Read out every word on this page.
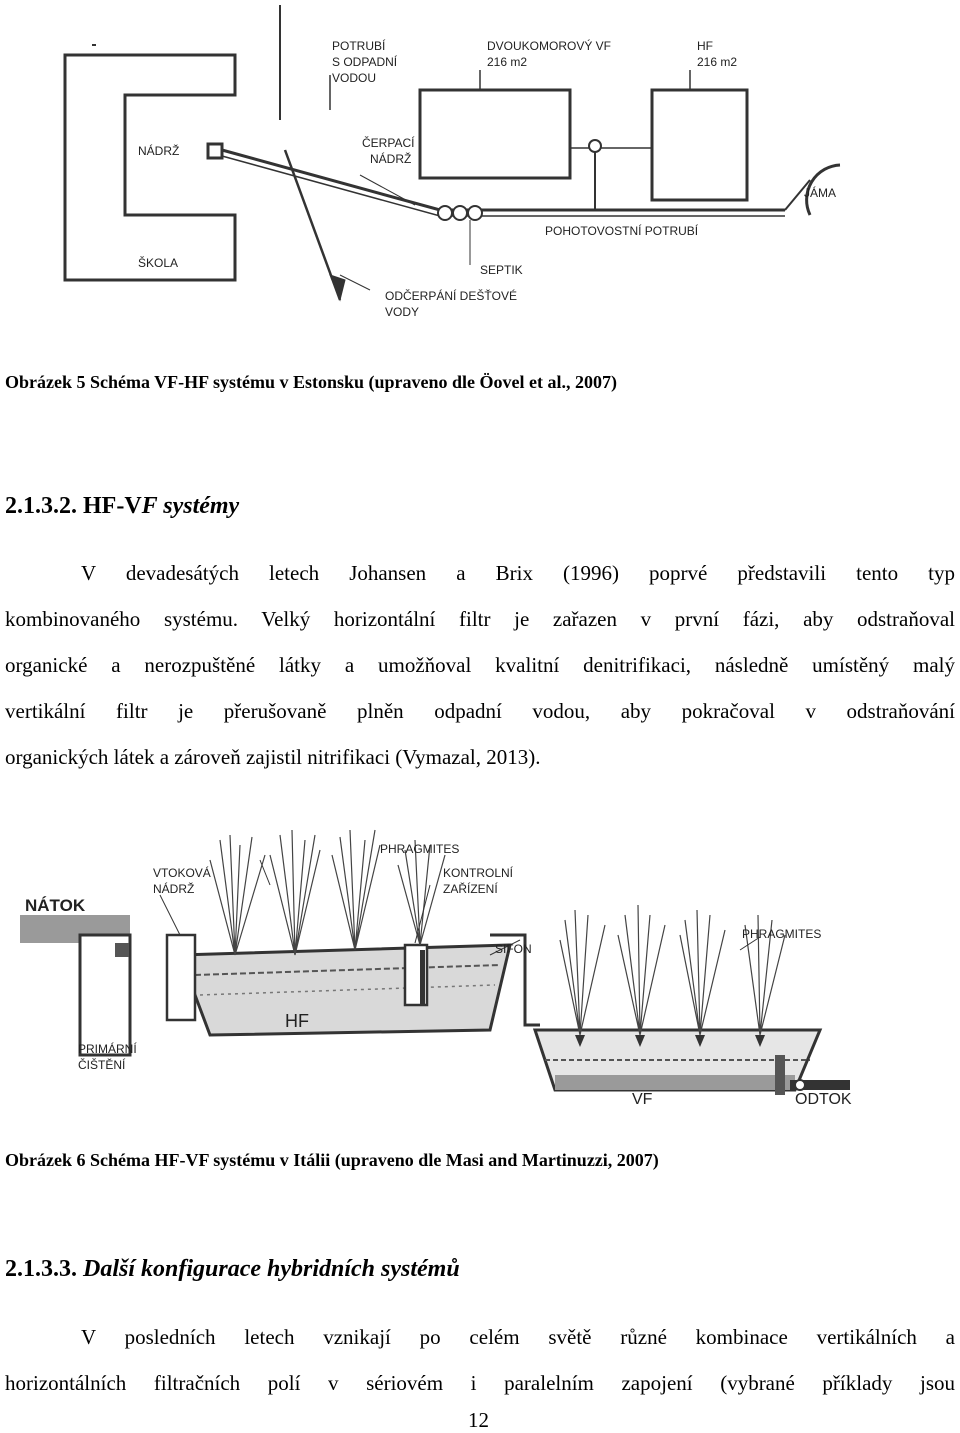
POTRUBÍ
S ODPADNÍ
VODOU
DVOUKOMOROVÝ VF
216 m2
HF
216 m2
NÁDRŽ
ČERPACÍ
NÁDRŽ
JÁMA
POHOTOVOSTNÍ POTRUBÍ
ŠKOLA	SEPTIK
ODČERPÁNÍ DEŠŤOVÉ
VODY
Obrázek 5 Schéma VF-HF systému v Estonsku (upraveno dle Öovel et al., 2007)
2.1.3.2. HF-VF systémy
V devadesátých letech Johansen a Brix (1996) poprvé představili tento typ
kombinovaného systému. Velký horizontální filtr je zařazen v první fázi, aby odstraňoval
organické a nerozpuštěné látky a umožňoval kvalitní denitrifikaci, následně umístěný malý
vertikální filtr je přerušovaně plněn odpadní vodou, aby pokračoval v odstraňování
organických látek a zároveň zajistil nitrifikaci (Vymazal, 2013).
PHRAGMITES
VTOKOVÁ
NÁDRŽ
KONTROLNÍ
ZAŘÍZENÍ
NÁTOK
SIFON
PHRAGMITES
HF
PRIMÁRNÍ
ČIŠTĚNÍ
VF	ODTOK
Obrázek 6 Schéma HF-VF systému v Itálii (upraveno dle Masi and Martinuzzi, 2007)
2.1.3.3. Další konfigurace hybridních systémů
V posledních letech vznikají po celém světě různé kombinace vertikálních a
horizontálních filtračních polí v sériovém i paralelním zapojení (vybrané příklady jsou
12
